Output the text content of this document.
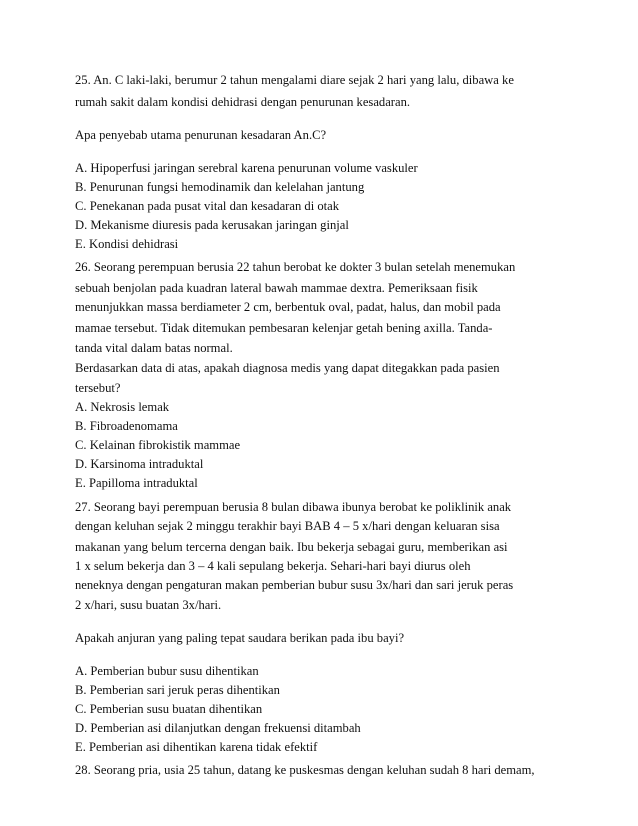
25. An. C laki-laki, berumur 2 tahun mengalami diare sejak 2 hari yang lalu, dibawa ke
rumah sakit dalam kondisi dehidrasi dengan penurunan kesadaran.
Apa penyebab utama penurunan kesadaran An.C?
A. Hipoperfusi jaringan serebral karena penurunan volume vaskuler
B. Penurunan fungsi hemodinamik dan kelelahan jantung
C. Penekanan pada pusat vital dan kesadaran di otak
D. Mekanisme diuresis pada kerusakan jaringan ginjal
E. Kondisi dehidrasi
26. Seorang perempuan berusia 22 tahun berobat ke dokter 3 bulan setelah menemukan
sebuah benjolan pada kuadran lateral bawah mammae dextra. Pemeriksaan fisik
menunjukkan massa berdiameter 2 cm, berbentuk oval, padat, halus, dan mobil pada
mamae tersebut. Tidak ditemukan pembesaran kelenjar getah bening axilla. Tanda-
tanda vital dalam batas normal.
Berdasarkan data di atas, apakah diagnosa medis yang dapat ditegakkan pada pasien
tersebut?
A. Nekrosis lemak
B. Fibroadenomama
C. Kelainan fibrokistik mammae
D. Karsinoma intraduktal
E. Papilloma intraduktal
27. Seorang bayi perempuan berusia 8 bulan dibawa ibunya berobat ke poliklinik anak
dengan keluhan sejak 2 minggu terakhir bayi BAB 4 – 5 x/hari dengan keluaran sisa
makanan yang belum tercerna dengan baik. Ibu bekerja sebagai guru, memberikan asi
1 x selum bekerja dan 3 – 4 kali sepulang bekerja. Sehari-hari bayi diurus oleh
neneknya dengan pengaturan makan pemberian bubur susu 3x/hari dan sari jeruk peras
2 x/hari, susu buatan 3x/hari.
Apakah anjuran yang paling tepat saudara berikan pada ibu bayi?
A. Pemberian bubur susu dihentikan
B. Pemberian sari jeruk peras dihentikan
C. Pemberian susu buatan dihentikan
D. Pemberian asi dilanjutkan dengan frekuensi ditambah
E. Pemberian asi dihentikan karena tidak efektif
28. Seorang pria, usia 25 tahun, datang ke puskesmas dengan keluhan sudah 8 hari demam,
